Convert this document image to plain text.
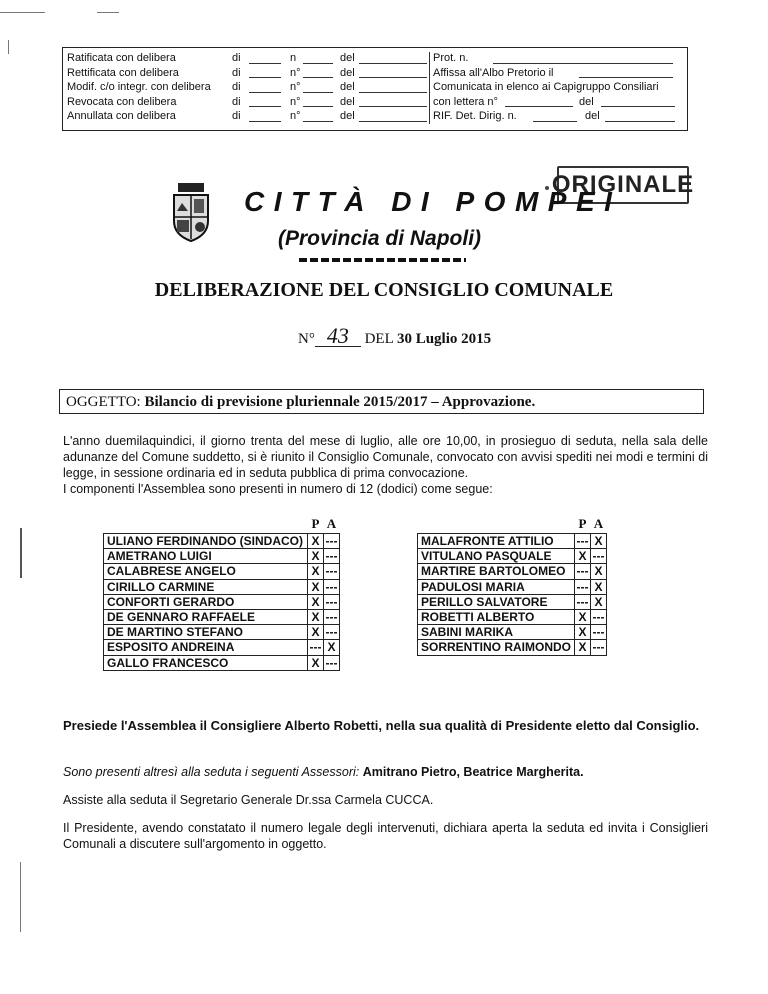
Ratificata con delibera	di	n	del
Rettificata con delibera	di	n°	del
Modif. c/o integr. con delibera di	n°	del
Revocata con delibera	di	n°	del
Annullata con delibera	di	n°	del
Prot. n.
Affissa all'Albo Pretorio il
Comunicata in elenco ai Capigruppo Consiliari
con lettera n°	del
RIF. Det. Dirig. n.	del
ORIGINALE
CITTÀ DI POMPEI
(Provincia di Napoli)
DELIBERAZIONE DEL CONSIGLIO COMUNALE
N° 43 DEL 30 Luglio 2015
OGGETTO: Bilancio di previsione pluriennale 2015/2017 – Approvazione.
L'anno duemilaquindici, il giorno trenta del mese di luglio, alle ore 10,00, in prosieguo di seduta, nella sala delle adunanze del Comune suddetto, si è riunito il Consiglio Comunale, convocato con avvisi spediti nei modi e termini di legge, in sessione ordinaria ed in seduta pubblica di prima convocazione.
I componenti l'Assemblea sono presenti in numero di 12 (dodici) come segue:
	P	A
ULIANO FERDINANDO (SINDACO)	X	---
AMETRANO LUIGI	X	---
CALABRESE ANGELO	X	---
CIRILLO CARMINE	X	---
CONFORTI GERARDO	X	---
DE GENNARO RAFFAELE	X	---
DE MARTINO STEFANO	X	---
ESPOSITO ANDREINA	---	X
GALLO FRANCESCO	X	---
	P	A
MALAFRONTE ATTILIO	---	X
VITULANO PASQUALE	X	---
MARTIRE BARTOLOMEO	---	X
PADULOSI MARIA	---	X
PERILLO SALVATORE	---	X
ROBETTI ALBERTO	X	---
SABINI MARIKA	X	---
SORRENTINO RAIMONDO	X	---
Presiede l'Assemblea il Consigliere Alberto Robetti, nella sua qualità di Presidente eletto dal Consiglio.
Sono presenti altresì alla seduta i seguenti Assessori: Amitrano Pietro, Beatrice Margherita.
Assiste alla seduta il Segretario Generale Dr.ssa Carmela CUCCA.
Il Presidente, avendo constatato il numero legale degli intervenuti, dichiara aperta la seduta ed invita i Consiglieri Comunali a discutere sull'argomento in oggetto.
